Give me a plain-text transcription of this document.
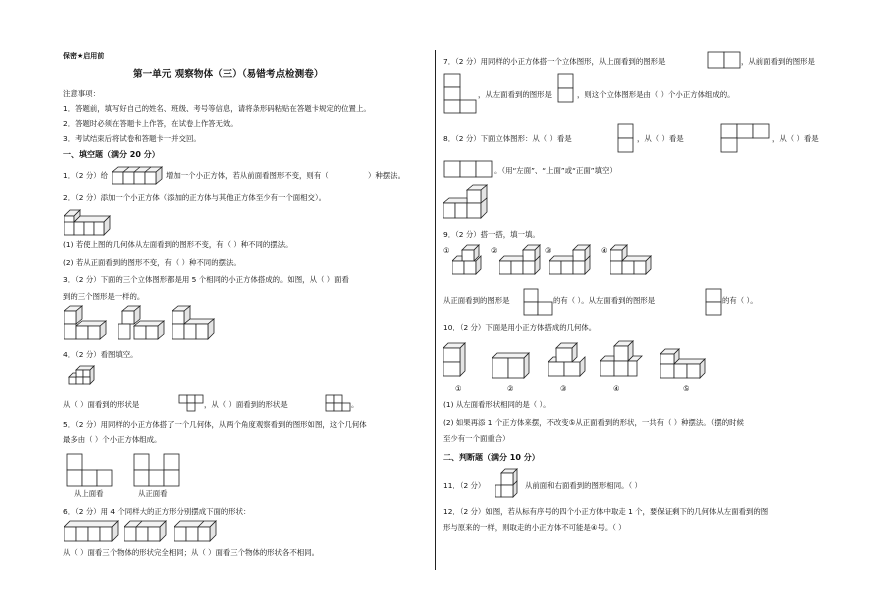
保密★启用前
第一单元 观察物体（三）（易错考点检测卷）
注意事项：
1．答题前，填写好自己的姓名、班级、考号等信息，请将条形码粘贴在答题卡规定的位置上。
2．答题时必须在答题卡上作答，在试卷上作答无效。
3．考试结束后将试卷和答题卡一并交回。
一、填空题（满分 20 分）
1．（2 分）给	增加一个小正方体，若从前面看图形不变，则有（	）种摆法。
2．（2 分）添加一个小正方体（添加的正方体与其他正方体至少有一个面相交）。
(1) 若使上图的几何体从左面看到的图形不变，有（ ）种不同的摆法。
(2) 若从正面看到的图形不变，有（ ）种不同的摆法。
3．（2 分）下面的三个立体图形都是用 5 个相同的小正方体搭成的。如图，从（ ）面看
到的三个图形是一样的。
4．（2 分）看图填空。
从（ ）面看到的形状是	，从（ ）面看到的形状是	。
5．（2 分）用同样的小正方体搭了一个几何体，从两个角度观察看到的图形如图，这个几何体
最多由（ ）个小正方体组成。
从上面看	从正面看
6．（2 分）用 4 个同样大的正方形分别摆成下面的形状：
从（ ）面看三个物体的形状完全相同；从（ ）面看三个物体的形状各不相同。
7．（2 分）用同样的小正方体搭一个立体图形，从上面看到的图形是	，从前面看到的图形是
，从左面看到的图形是	，则这个立体图形是由（ ）个小正方体组成的。
8．（2 分）下面立体图形：从（ ）看是	，从（ ）看是	，从（ ）看是
。（用“左面”、“上面”或“正面”填空）
9．（2 分）搭一搭，填一填。
①	②	③	④
从正面看到的图形是	的有（ ）。从左面看到的图形是	的有（ ）。
10．（2 分）下面是用小正方体搭成的几何体。
①	②	③	④	⑤
(1) 从左面看形状相同的是（ ）。
(2) 如果再添 1 个正方体来摆，不改变⑤从正面看到的形状，一共有（ ）种摆法。（摆的时候
至少有一个面重合）
二、判断题（满分 10 分）
11．（2 分）	从前面和右面看到的图形相同。（ ）
12．（2 分）如图，若从标有序号的四个小正方体中取走 1 个，要保证剩下的几何体从左面看到的图
形与原来的一样，则取走的小正方体不可能是④号。（ ）
